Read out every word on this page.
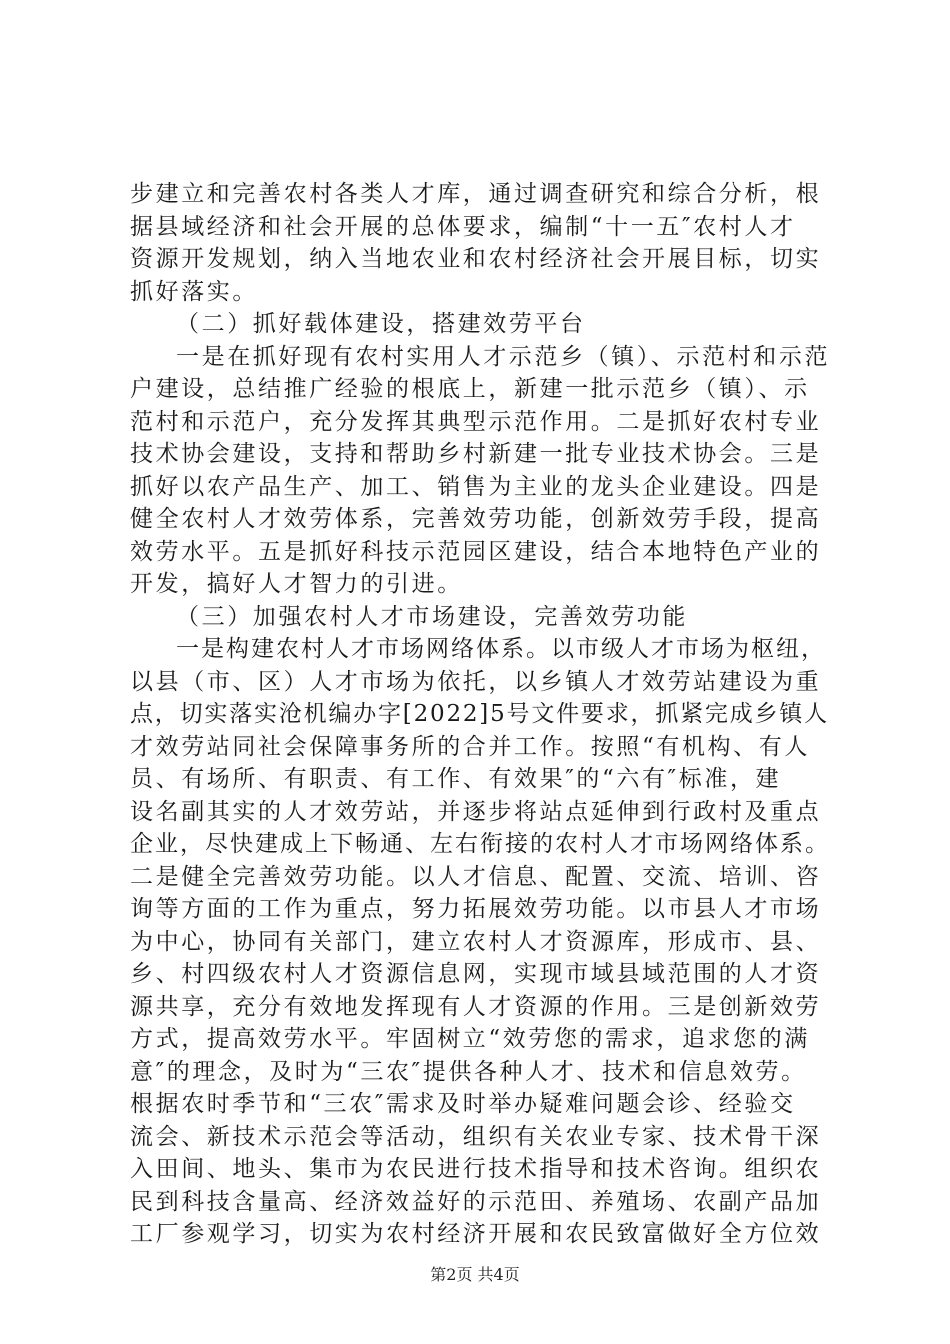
步建立和完善农村各类人才库，通过调查研究和综合分析，根
据县域经济和社会开展的总体要求，编制“十一五″农村人才
资源开发规划，纳入当地农业和农村经济社会开展目标，切实
抓好落实。
（二）抓好载体建设，搭建效劳平台
一是在抓好现有农村实用人才示范乡（镇）、示范村和示范
户建设，总结推广经验的根底上，新建一批示范乡（镇）、示
范村和示范户，充分发挥其典型示范作用。二是抓好农村专业
技术协会建设，支持和帮助乡村新建一批专业技术协会。三是
抓好以农产品生产、加工、销售为主业的龙头企业建设。四是
健全农村人才效劳体系，完善效劳功能，创新效劳手段，提高
效劳水平。五是抓好科技示范园区建设，结合本地特色产业的
开发，搞好人才智力的引进。
（三）加强农村人才市场建设，完善效劳功能
一是构建农村人才市场网络体系。以市级人才市场为枢纽，
以县（市、区）人才市场为依托，以乡镇人才效劳站建设为重
点，切实落实沧机编办字[2022]5号文件要求，抓紧完成乡镇人
才效劳站同社会保障事务所的合并工作。按照“有机构、有人
员、有场所、有职责、有工作、有效果″的“六有″标准，建
设名副其实的人才效劳站，并逐步将站点延伸到行政村及重点
企业，尽快建成上下畅通、左右衔接的农村人才市场网络体系。
二是健全完善效劳功能。以人才信息、配置、交流、培训、咨
询等方面的工作为重点，努力拓展效劳功能。以市县人才市场
为中心，协同有关部门，建立农村人才资源库，形成市、县、
乡、村四级农村人才资源信息网，实现市域县域范围的人才资
源共享，充分有效地发挥现有人才资源的作用。三是创新效劳
方式，提高效劳水平。牢固树立“效劳您的需求，追求您的满
意″的理念，及时为“三农″提供各种人才、技术和信息效劳。
根据农时季节和“三农″需求及时举办疑难问题会诊、经验交
流会、新技术示范会等活动，组织有关农业专家、技术骨干深
入田间、地头、集市为农民进行技术指导和技术咨询。组织农
民到科技含量高、经济效益好的示范田、养殖场、农副产品加
工厂参观学习，切实为农村经济开展和农民致富做好全方位效
第2页 共4页
